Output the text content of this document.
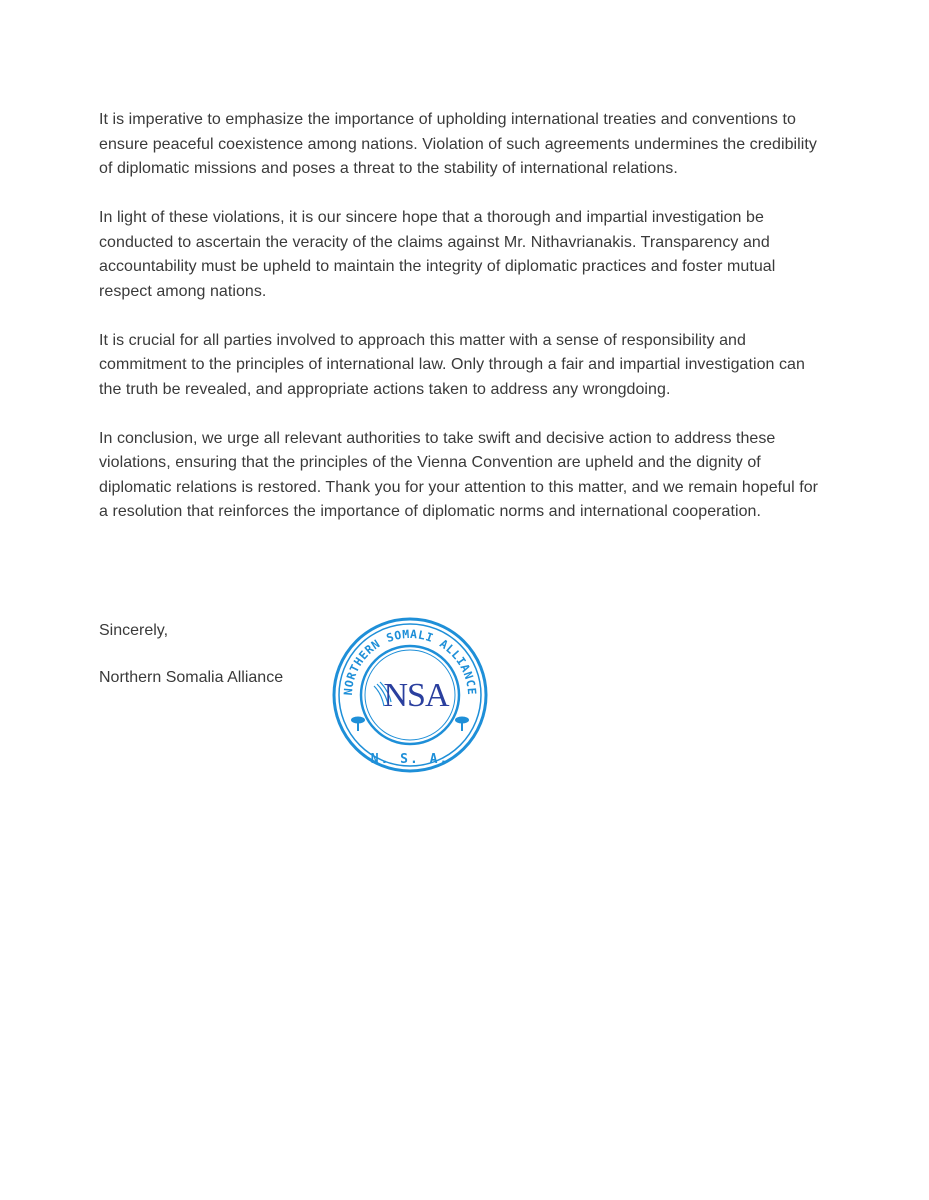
It is imperative to emphasize the importance of upholding international treaties and conventions to ensure peaceful coexistence among nations. Violation of such agreements undermines the credibility of diplomatic missions and poses a threat to the stability of international relations.

In light of these violations, it is our sincere hope that a thorough and impartial investigation be conducted to ascertain the veracity of the claims against Mr. Nithavrianakis. Transparency and accountability must be upheld to maintain the integrity of diplomatic practices and foster mutual respect among nations.

It is crucial for all parties involved to approach this matter with a sense of responsibility and commitment to the principles of international law. Only through a fair and impartial investigation can the truth be revealed, and appropriate actions taken to address any wrongdoing.

In conclusion, we urge all relevant authorities to take swift and decisive action to address these violations, ensuring that the principles of the Vienna Convention are upheld and the dignity of diplomatic relations is restored. Thank you for your attention to this matter, and we remain hopeful for a resolution that reinforces the importance of diplomatic norms and international cooperation.

Sincerely,
Northern Somalia Alliance
NORTHERN SOMALI ALLIANCE
N. S. A.
NSA
